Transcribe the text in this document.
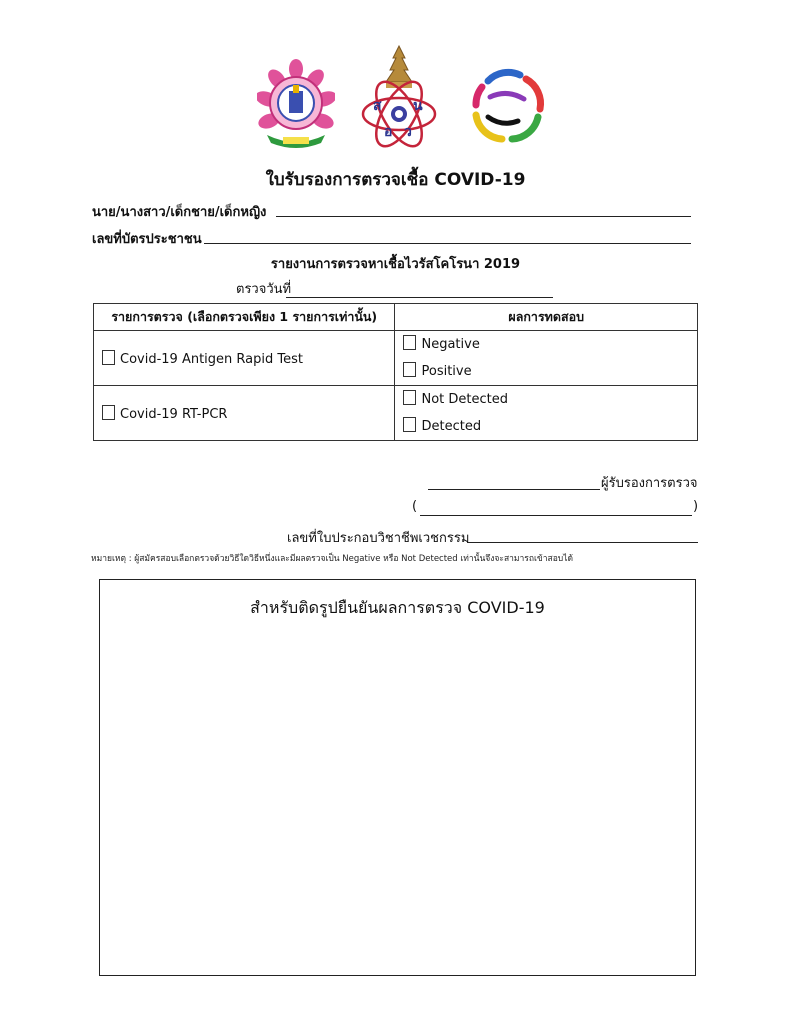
ส น
อ ว
ใบรับรองการตรวจเชื้อ COVID-19
นาย/นางสาว/เด็กชาย/เด็กหญิง
เลขที่บัตรประชาชน
รายงานการตรวจหาเชื้อไวรัสโคโรนา 2019
ตรวจวันที่
รายการตรวจ (เลือกตรวจเพียง 1 รายการเท่านั้น)	ผลการทดสอบ
Covid-19 Antigen Rapid Test	Negative
Positive

Covid-19 RT-PCR	Not Detected
Detected
ผู้รับรองการตรวจ
(	)
เลขที่ใบประกอบวิชาชีพเวชกรรม
หมายเหตุ : ผู้สมัครสอบเลือกตรวจด้วยวิธีใดวิธีหนึ่งและมีผลตรวจเป็น Negative หรือ Not Detected เท่านั้นจึงจะสามารถเข้าสอบได้
สำหรับติดรูปยืนยันผลการตรวจ COVID-19
